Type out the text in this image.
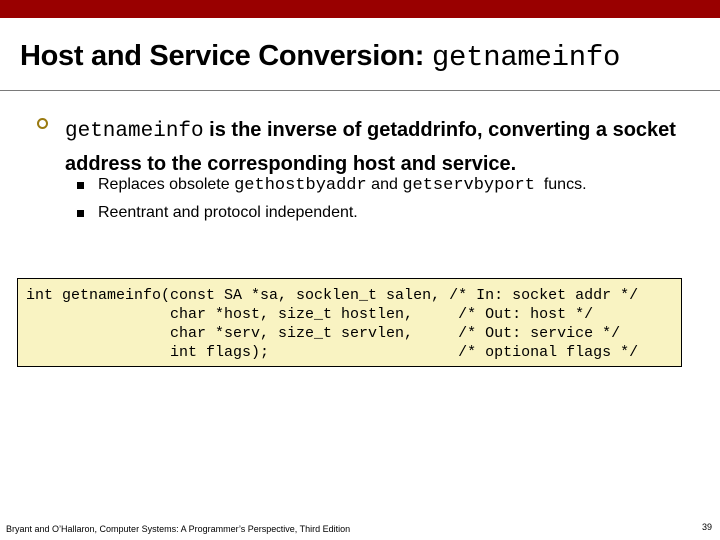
Host and Service Conversion: getnameinfo
getnameinfo is the inverse of getaddrinfo, converting a socket address to the corresponding host and service.
Replaces obsolete gethostbyaddr and getservbyport  funcs.
Reentrant and protocol independent.
int getnameinfo(const SA *sa, socklen_t salen, /* In: socket addr */
char *host, size_t hostlen,     /* Out: host */
char *serv, size_t servlen,     /* Out: service */
int flags);                     /* optional flags */
Bryant and O’Hallaron, Computer Systems: A Programmer’s Perspective, Third Edition	39
